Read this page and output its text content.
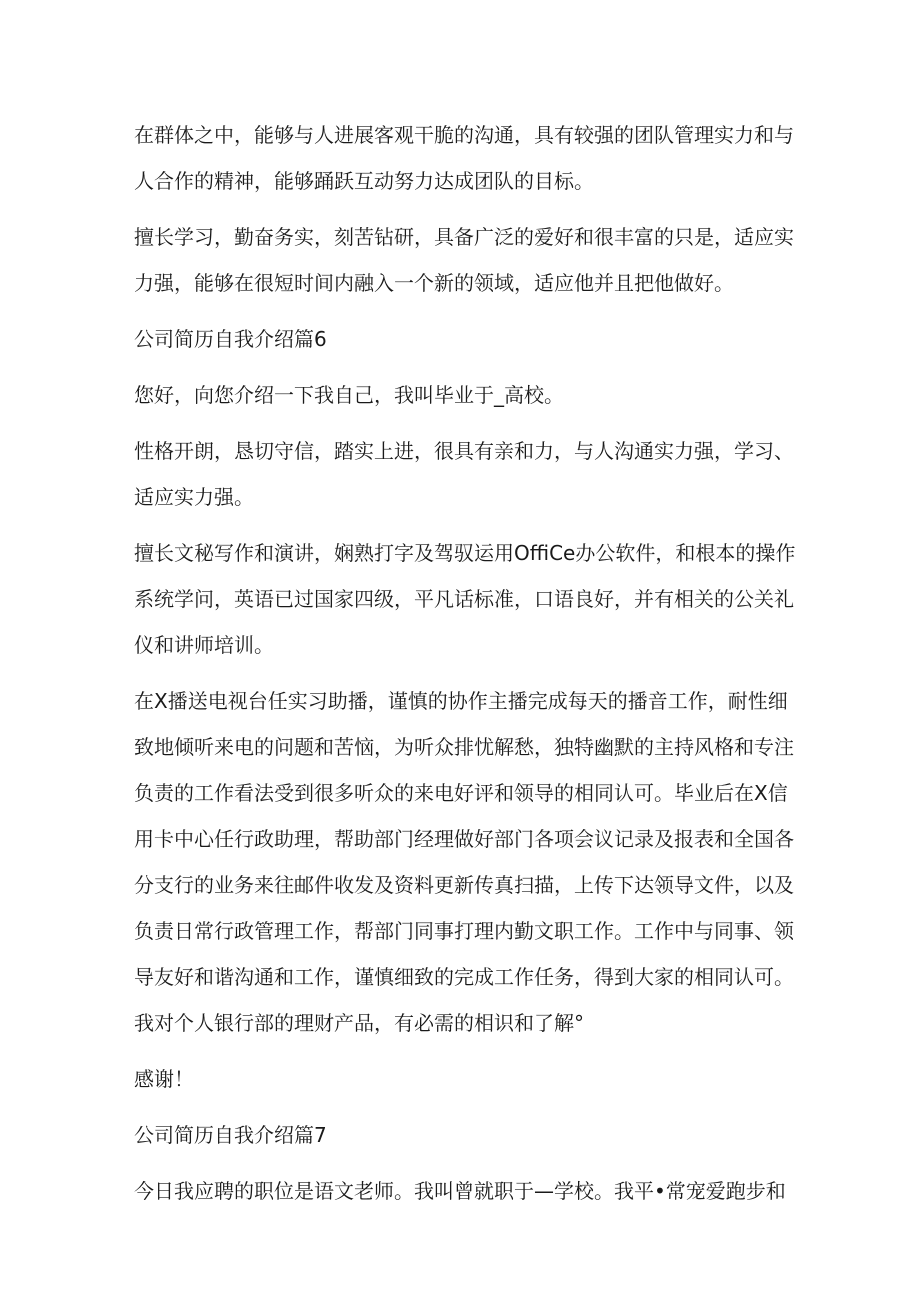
在群体之中，能够与人进展客观干脆的沟通，具有较强的团队管理实力和与
人合作的精神，能够踊跃互动努力达成团队的目标。
擅长学习，勤奋务实，刻苦钻研，具备广泛的爱好和很丰富的只是，适应实
力强，能够在很短时间内融入一个新的领域，适应他并且把他做好。
公司简历自我介绍篇6
您好，向您介绍一下我自己，我叫毕业于_高校。
性格开朗，恳切守信，踏实上进，很具有亲和力，与人沟通实力强，学习、
适应实力强。
擅长文秘写作和演讲，娴熟打字及驾驭运用OffiCe办公软件，和根本的操作
系统学问，英语已过国家四级，平凡话标准，口语良好，并有相关的公关礼
仪和讲师培训。
在X播送电视台任实习助播，谨慎的协作主播完成每天的播音工作，耐性细
致地倾听来电的问题和苦恼，为听众排忧解愁，独特幽默的主持风格和专注
负责的工作看法受到很多听众的来电好评和领导的相同认可。毕业后在X信
用卡中心任行政助理，帮助部门经理做好部门各项会议记录及报表和全国各
分支行的业务来往邮件收发及资料更新传真扫描，上传下达领导文件，以及
负责日常行政管理工作，帮部门同事打理内勤文职工作。工作中与同事、领
导友好和谐沟通和工作，谨慎细致的完成工作任务，得到大家的相同认可。
我对个人银行部的理财产品，有必需的相识和了解°
感谢！
公司简历自我介绍篇7
今日我应聘的职位是语文老师。我叫曾就职于—学校。我平•常宠爱跑步和
